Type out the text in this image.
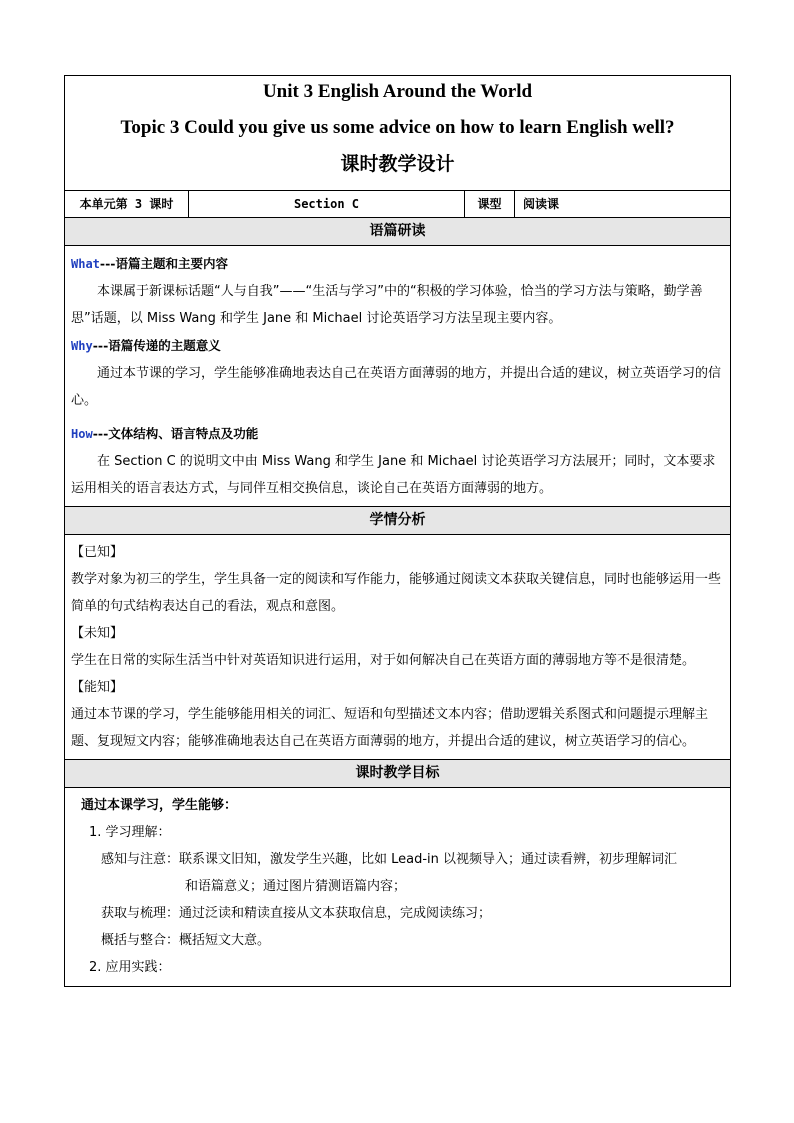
Unit 3 English Around the World
Topic 3 Could you give us some advice on how to learn English well?
课时教学设计

本单元第 3 课时	Section C	课型	阅读课
语篇研读

What---语篇主题和主要内容

本课属于新课标话题“人与自我”——“生活与学习”中的“积极的学习体验，恰当的学习方法与策略，勤学善思”话题，以 Miss Wang 和学生 Jane 和 Michael 讨论英语学习方法呈现主要内容。

Why---语篇传递的主题意义

通过本节课的学习，学生能够准确地表达自己在英语方面薄弱的地方，并提出合适的建议，树立英语学习的信心。

How---文体结构、语言特点及功能

在 Section C 的说明文中由 Miss Wang 和学生 Jane 和 Michael 讨论英语学习方法展开；同时，文本要求运用相关的语言表达方式，与同伴互相交换信息，谈论自己在英语方面薄弱的地方。

学情分析

【已知】

教学对象为初三的学生，学生具备一定的阅读和写作能力，能够通过阅读文本获取关键信息，同时也能够运用一些简单的句式结构表达自己的看法，观点和意图。

【未知】

学生在日常的实际生活当中针对英语知识进行运用，对于如何解决自己在英语方面的薄弱地方等不是很清楚。

【能知】

通过本节课的学习，学生能够能用相关的词汇、短语和句型描述文本内容；借助逻辑关系图式和问题提示理解主题、复现短文内容；能够准确地表达自己在英语方面薄弱的地方，并提出合适的建议，树立英语学习的信心。

课时教学目标

通过本课学习，学生能够：

1. 学习理解：

感知与注意：联系课文旧知，激发学生兴趣，比如 Lead-in 以视频导入；通过读看辨，初步理解词汇

和语篇意义；通过图片猜测语篇内容；

获取与梳理：通过泛读和精读直接从文本获取信息，完成阅读练习；

概括与整合：概括短文大意。

2. 应用实践：
